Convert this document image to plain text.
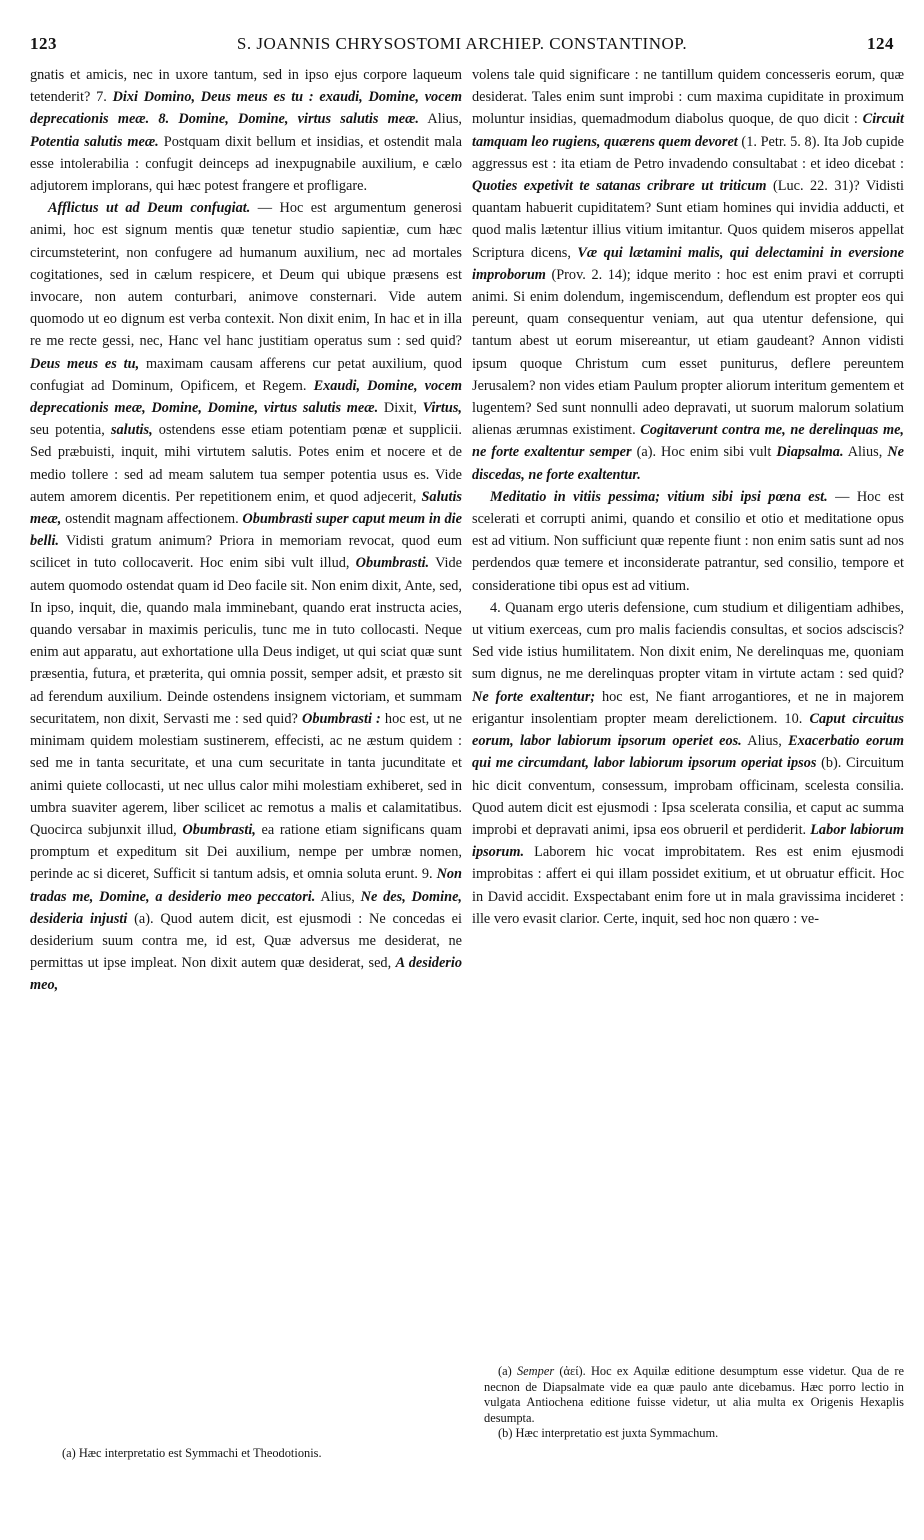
123	S. JOANNIS CHRYSOSTOMI ARCHIEP. CONSTANTINOP.	124

gnatis et amicis, nec in uxore tantum, sed in ipso ejus corpore laqueum tetenderit? 7. Dixi Domino, Deus meus es tu : exaudi, Domine, vocem deprecationis meæ. 8. Domine, Domine, virtus salutis meæ. Alius, Potentia salutis meæ. Postquam dixit bellum et insidias, et ostendit mala esse intolerabilia : confugit deinceps ad inexpugnabile auxilium, e cælo adjutorem implorans, qui hæc potest frangere et profligare.

Afflictus ut ad Deum confugiat. — Hoc est argumentum generosi animi, hoc est signum mentis quæ tenetur studio sapientiæ, cum hæc circumsteterint, non confugere ad humanum auxilium, nec ad mortales cogitationes, sed in cælum respicere, et Deum qui ubique præsens est invocare, non autem conturbari, animove consternari. Vide autem quomodo ut eo dignum est verba contexit. Non dixit enim, In hac et in illa re me recte gessi, nec, Hanc vel hanc justitiam operatus sum : sed quid? Deus meus es tu, maximam causam afferens cur petat auxilium, quod confugiat ad Dominum, Opificem, et Regem. Exaudi, Domine, vocem deprecationis meæ, Domine, Domine, virtus salutis meæ. Dixit, Virtus, seu potentia, salutis, ostendens esse etiam potentiam pœnæ et supplicii. Sed præbuisti, inquit, mihi virtutem salutis. Potes enim et nocere et de medio tollere : sed ad meam salutem tua semper potentia usus es. Vide autem amorem dicentis. Per repetitionem enim, et quod adjecerit, Salutis meæ, ostendit magnam affectionem. Obumbrasti super caput meum in die belli. Vidisti gratum animum? Priora in memoriam revocat, quod eum scilicet in tuto collocaverit. Hoc enim sibi vult illud, Obumbrasti. Vide autem quomodo ostendat quam id Deo facile sit. Non enim dixit, Ante, sed, In ipso, inquit, die, quando mala imminebant, quando erat instructa acies, quando versabar in maximis periculis, tunc me in tuto collocasti. Neque enim aut apparatu, aut exhortatione ulla Deus indiget, ut qui sciat quæ sunt præsentia, futura, et præterita, qui omnia possit, semper adsit, et præsto sit ad ferendum auxilium. Deinde ostendens insignem victoriam, et summam securitatem, non dixit, Servasti me : sed quid? Obumbrasti : hoc est, ut ne minimam quidem molestiam sustinerem, effecisti, ac ne æstum quidem : sed me in tanta securitate, et una cum securitate in tanta jucunditate et animi quiete collocasti, ut nec ullus calor mihi molestiam exhiberet, sed in umbra suaviter agerem, liber scilicet ac remotus a malis et calamitatibus. Quocirca subjunxit illud, Obumbrasti, ea ratione etiam significans quam promptum et expeditum sit Dei auxilium, nempe per umbræ nomen, perinde ac si diceret, Sufficit si tantum adsis, et omnia soluta erunt. 9. Non tradas me, Domine, a desiderio meo peccatori. Alius, Ne des, Domine, desideria injusti (a). Quod autem dicit, est ejusmodi : Ne concedas ei desiderium suum contra me, id est, Quæ adversus me desiderat, ne permittas ut ipse impleat. Non dixit autem quæ desiderat, sed, A desiderio meo,

volens tale quid significare : ne tantillum quidem concesseris eorum, quæ desiderat. Tales enim sunt improbi : cum maxima cupiditate in proximum moluntur insidias, quemadmodum diabolus quoque, de quo dicit : Circuit tamquam leo rugiens, quærens quem devoret (1. Petr. 5. 8). Ita Job cupide aggressus est : ita etiam de Petro invadendo consultabat : et ideo dicebat : Quoties expetivit te satanas cribrare ut triticum (Luc. 22. 31)? Vidisti quantam habuerit cupiditatem? Sunt etiam homines qui invidia adducti, et quod malis lætentur illius vitium imitantur. Quos quidem miseros appellat Scriptura dicens, Væ qui lætamini malis, qui delectamini in eversione improborum (Prov. 2. 14); idque merito : hoc est enim pravi et corrupti animi. Si enim dolendum, ingemiscendum, deflendum est propter eos qui pereunt, quam consequentur veniam, aut qua utentur defensione, qui tantum abest ut eorum misereantur, ut etiam gaudeant? Annon vidisti ipsum quoque Christum cum esset puniturus, deflere pereuntem Jerusalem? non vides etiam Paulum propter aliorum interitum gementem et lugentem? Sed sunt nonnulli adeo depravati, ut suorum malorum solatium alienas ærumnas existiment. Cogitaverunt contra me, ne derelinquas me, ne forte exaltentur semper (a). Hoc enim sibi vult Diapsalma. Alius, Ne discedas, ne forte exaltentur.

Meditatio in vitiis pessima; vitium sibi ipsi pœna est. — Hoc est scelerati et corrupti animi, quando et consilio et otio et meditatione opus est ad vitium. Non sufficiunt quæ repente fiunt : non enim satis sunt ad nos perdendos quæ temere et inconsiderate patrantur, sed consilio, tempore et consideratione tibi opus est ad vitium.

4. Quanam ergo uteris defensione, cum studium et diligentiam adhibes, ut vitium exerceas, cum pro malis faciendis consultas, et socios adsciscis? Sed vide istius humilitatem. Non dixit enim, Ne derelinquas me, quoniam sum dignus, ne me derelinquas propter vitam in virtute actam : sed quid? Ne forte exaltentur; hoc est, Ne fiant arrogantiores, et ne in majorem erigantur insolentiam propter meam derelictionem. 10. Caput circuitus eorum, labor labiorum ipsorum operiet eos. Alius, Exacerbatio eorum qui me circumdant, labor labiorum ipsorum operiat ipsos (b). Circuitum hic dicit conventum, consessum, improbam officinam, scelesta consilia. Quod autem dicit est ejusmodi : Ipsa scelerata consilia, et caput ac summa improbi et depravati animi, ipsa eos obrueril et perdiderit. Labor labiorum ipsorum. Laborem hic vocat improbitatem. Res est enim ejusmodi improbitas : affert ei qui illam possidet exitium, et ut obruatur efficit. Hoc in David accidit. Exspectabant enim fore ut in mala gravissima incideret : ille vero evasit clarior. Certe, inquit, sed hoc non quæro : ve-

(a) Hæc interpretatio est Symmachi et Theodotionis.

(a) Semper (ἀεί). Hoc ex Aquilæ editione desumptum esse videtur. Qua de re necnon de Diapsalmate vide ea quæ paulo ante dicebamus. Hæc porro lectio in vulgata Antiochena editione fuisse videtur, ut alia multa ex Origenis Hexaplis desumpta.

(b) Hæc interpretatio est juxta Symmachum.
